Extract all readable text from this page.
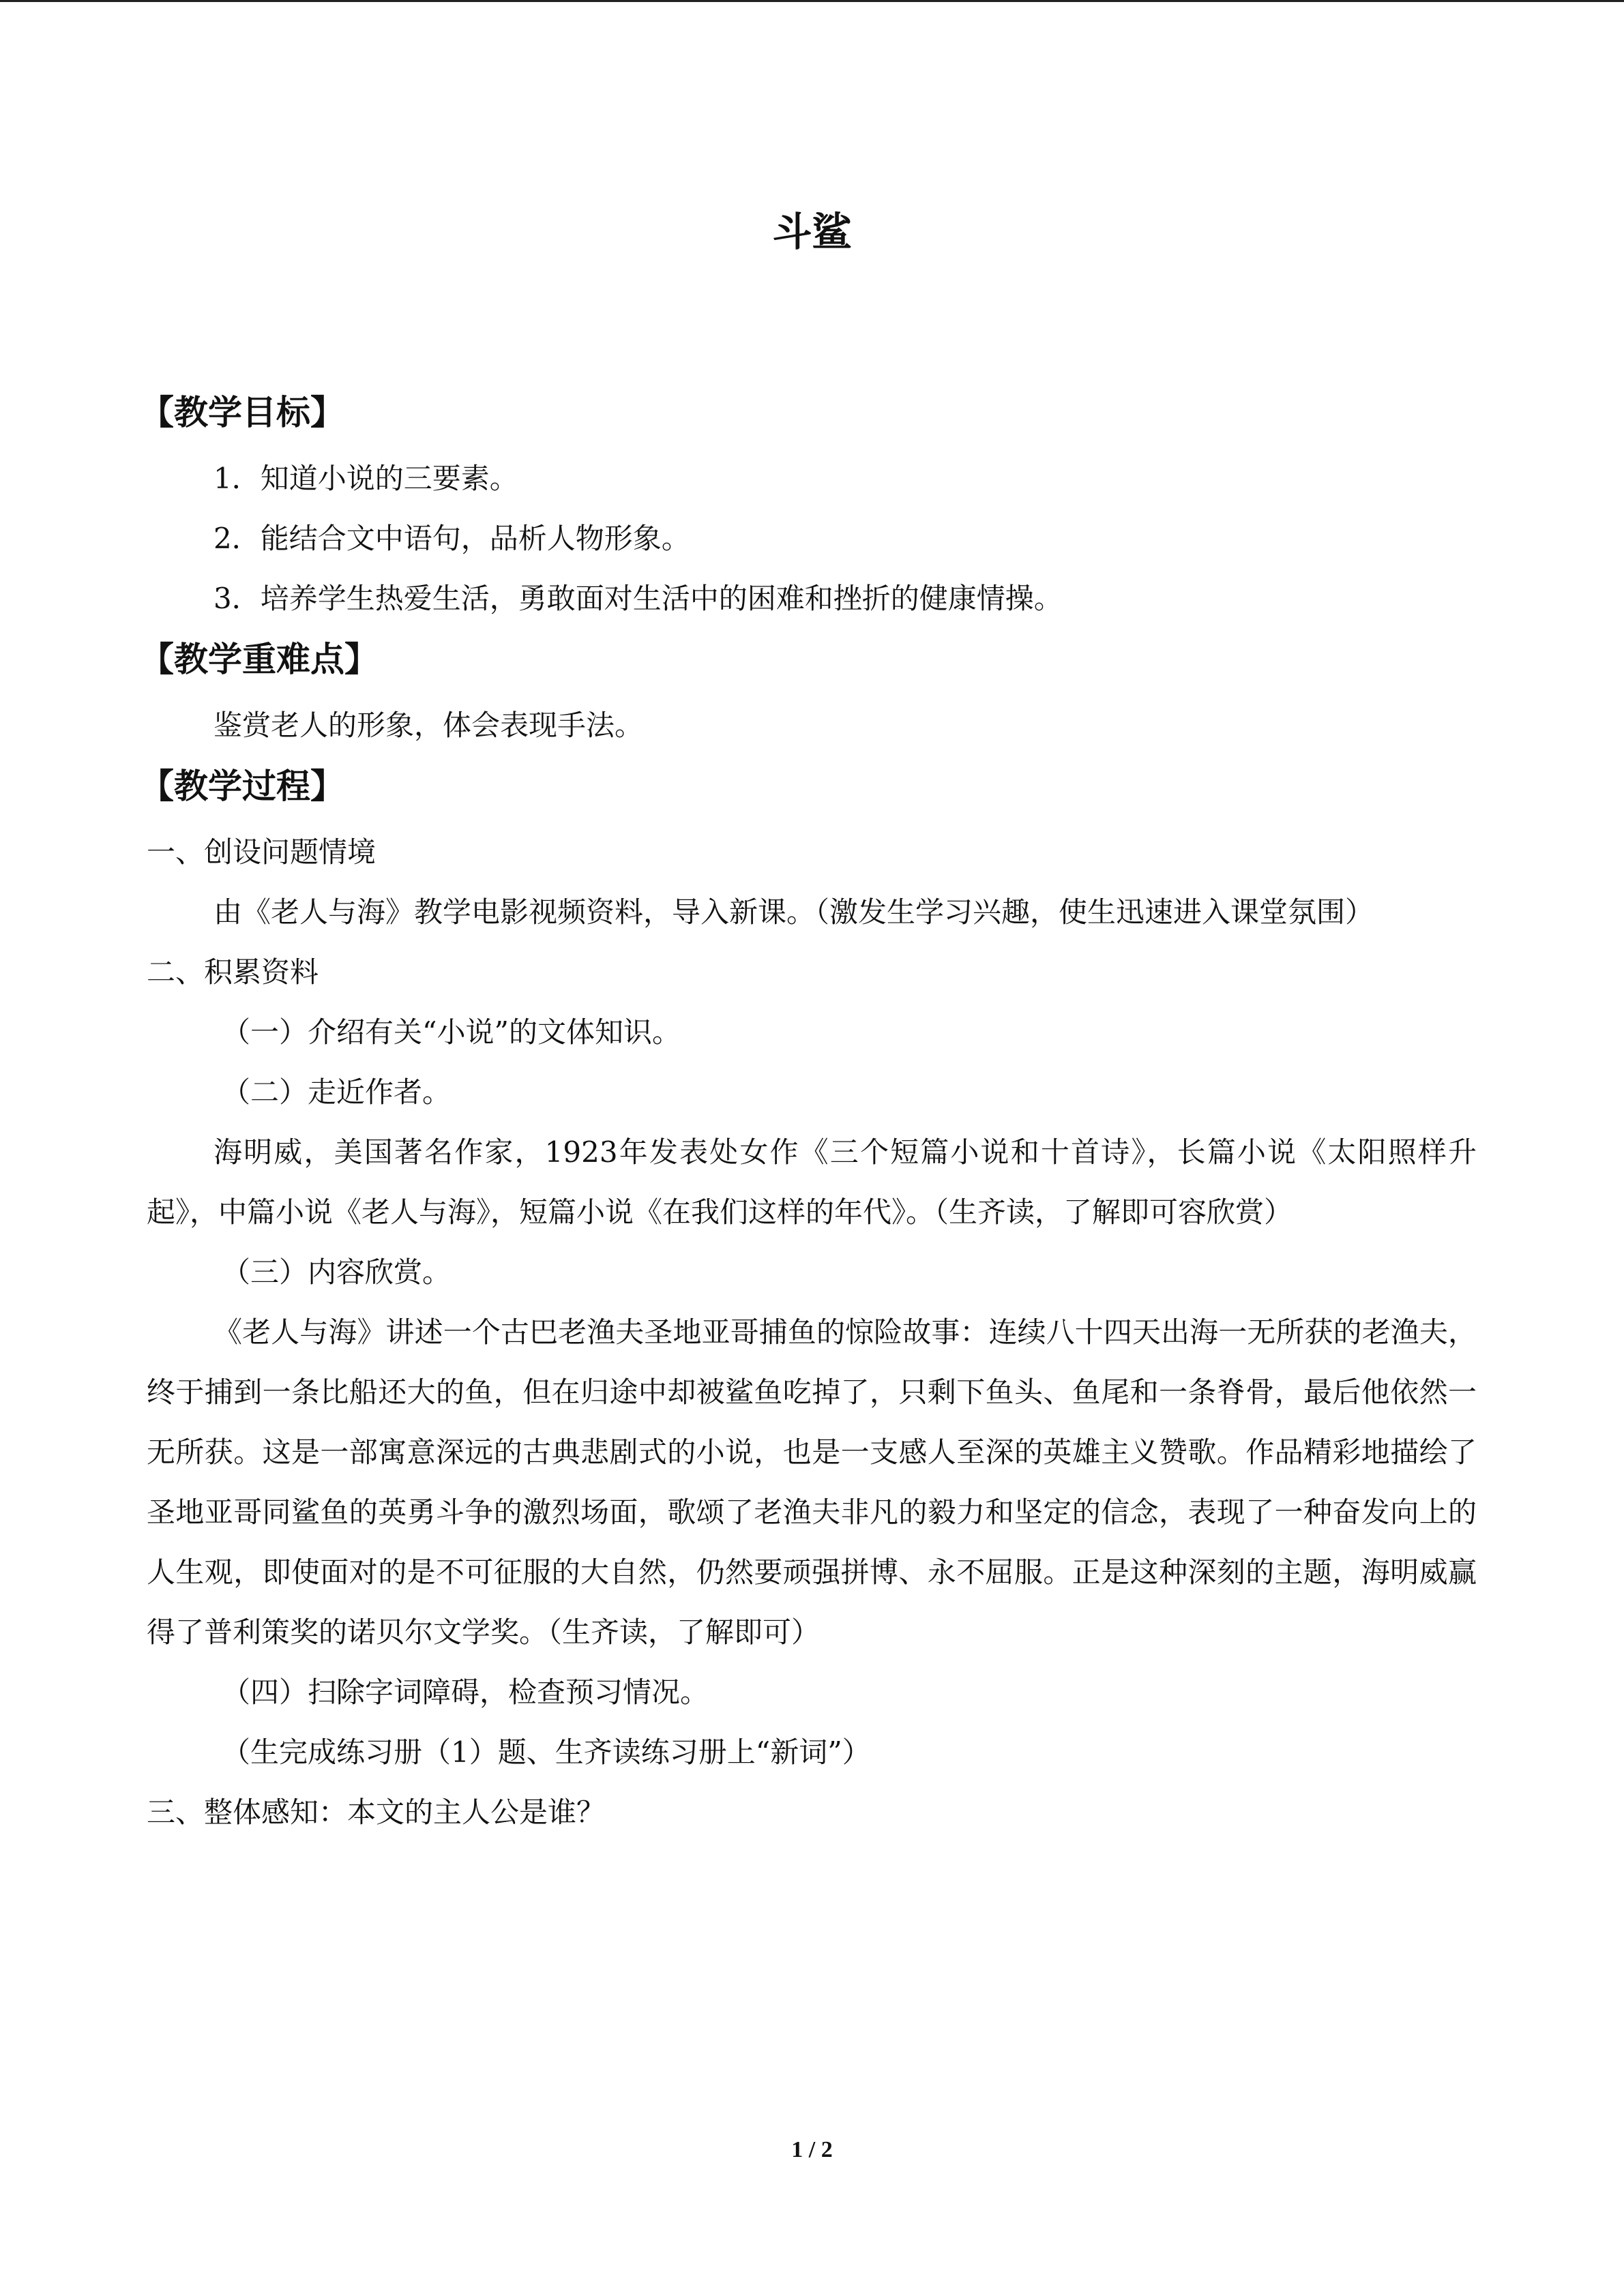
斗鲨

【教学目标】

1．知道小说的三要素。

2．能结合文中语句，品析人物形象。

3．培养学生热爱生活，勇敢面对生活中的困难和挫折的健康情操。

【教学重难点】

鉴赏老人的形象，体会表现手法。

【教学过程】

一、创设问题情境

由《老人与海》教学电影视频资料，导入新课。（激发生学习兴趣，使生迅速进入课堂氛围）

二、积累资料

（一）介绍有关“小说”的文体知识。

（二）走近作者。

海明威，美国著名作家，1923年发表处女作《三个短篇小说和十首诗》，长篇小说《太阳照样升起》，中篇小说《老人与海》，短篇小说《在我们这样的年代》。（生齐读，了解即可容欣赏）

（三）内容欣赏。

《老人与海》讲述一个古巴老渔夫圣地亚哥捕鱼的惊险故事：连续八十四天出海一无所获的老渔夫，终于捕到一条比船还大的鱼，但在归途中却被鲨鱼吃掉了，只剩下鱼头、鱼尾和一条脊骨，最后他依然一无所获。这是一部寓意深远的古典悲剧式的小说，也是一支感人至深的英雄主义赞歌。作品精彩地描绘了圣地亚哥同鲨鱼的英勇斗争的激烈场面，歌颂了老渔夫非凡的毅力和坚定的信念，表现了一种奋发向上的人生观，即使面对的是不可征服的大自然，仍然要顽强拼博、永不屈服。正是这种深刻的主题，海明威赢得了普利策奖的诺贝尔文学奖。（生齐读，了解即可）

（四）扫除字词障碍，检查预习情况。

（生完成练习册（1）题、生齐读练习册上“新词”）

三、整体感知：本文的主人公是谁？

1 / 2
